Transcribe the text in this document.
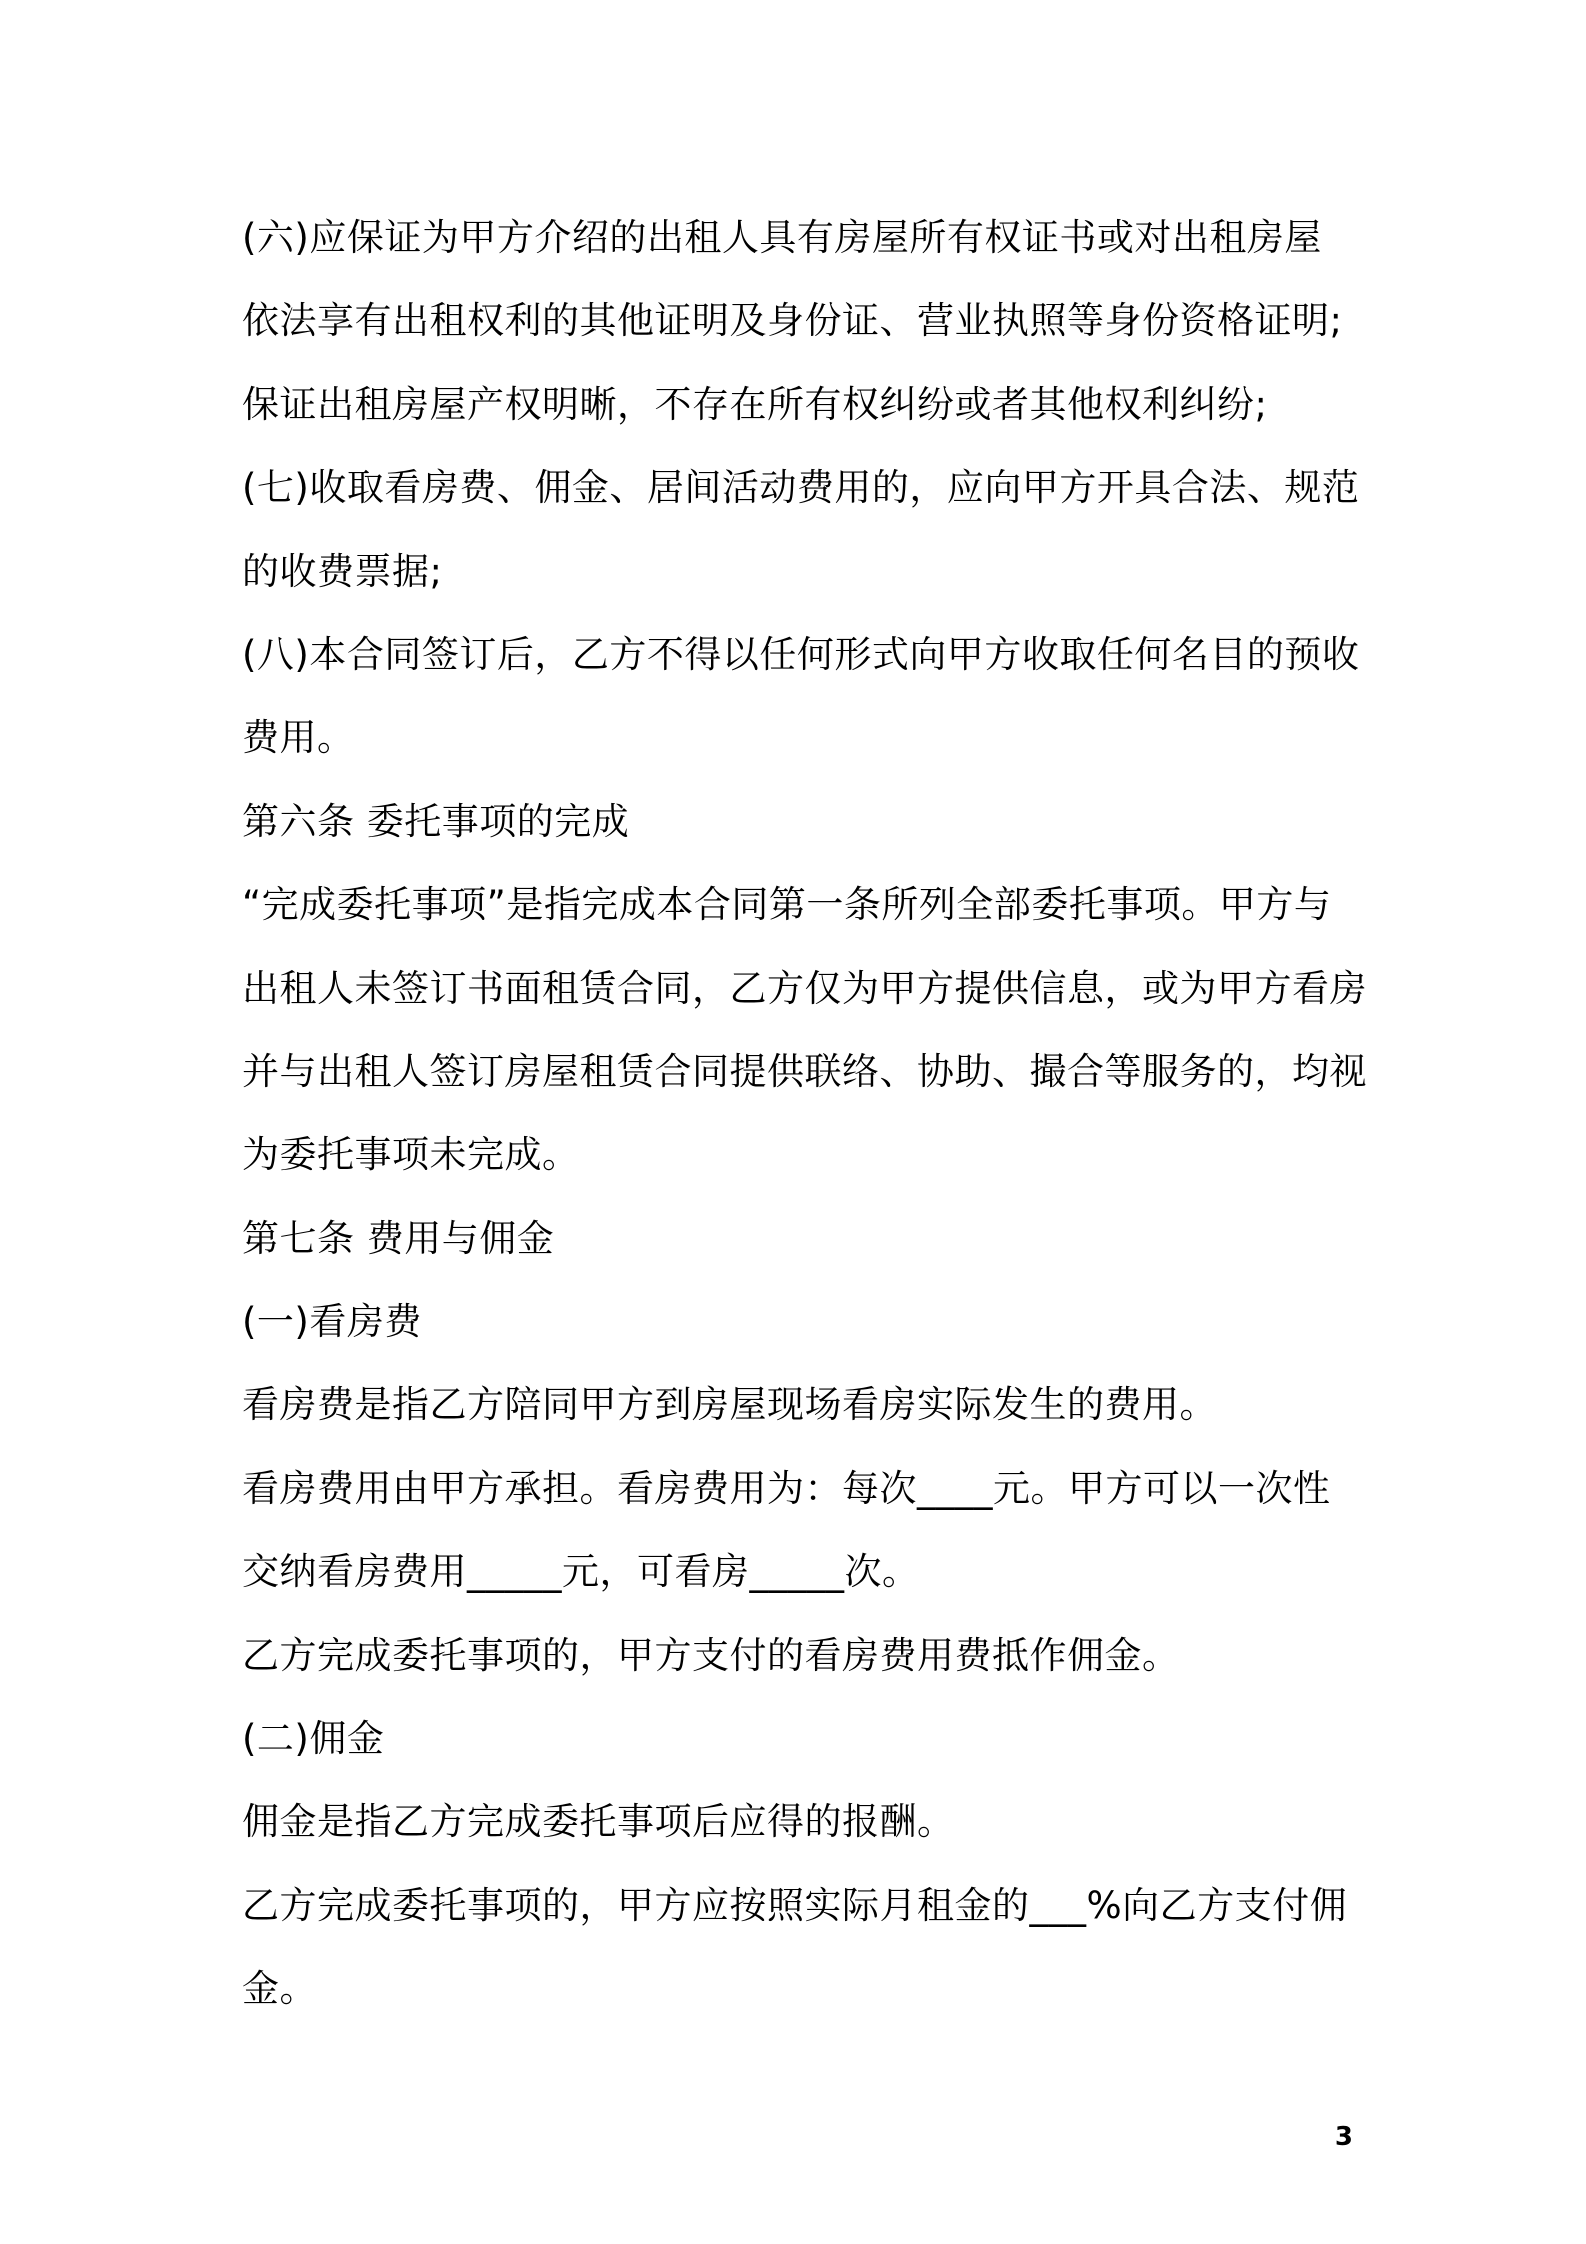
(六)应保证为甲方介绍的出租人具有房屋所有权证书或对出租房屋
依法享有出租权利的其他证明及身份证、营业执照等身份资格证明;
保证出租房屋产权明晰，不存在所有权纠纷或者其他权利纠纷;
(七)收取看房费、佣金、居间活动费用的，应向甲方开具合法、规范
的收费票据;
(八)本合同签订后，乙方不得以任何形式向甲方收取任何名目的预收
费用。
第六条 委托事项的完成
“完成委托事项”是指完成本合同第一条所列全部委托事项。甲方与
出租人未签订书面租赁合同，乙方仅为甲方提供信息，或为甲方看房
并与出租人签订房屋租赁合同提供联络、协助、撮合等服务的，均视
为委托事项未完成。
第七条 费用与佣金
(一)看房费
看房费是指乙方陪同甲方到房屋现场看房实际发生的费用。
看房费用由甲方承担。看房费用为：每次____元。甲方可以一次性
交纳看房费用_____元，可看房_____次。
乙方完成委托事项的，甲方支付的看房费用费抵作佣金。
(二)佣金
佣金是指乙方完成委托事项后应得的报酬。
乙方完成委托事项的，甲方应按照实际月租金的___%向乙方支付佣
金。
3
